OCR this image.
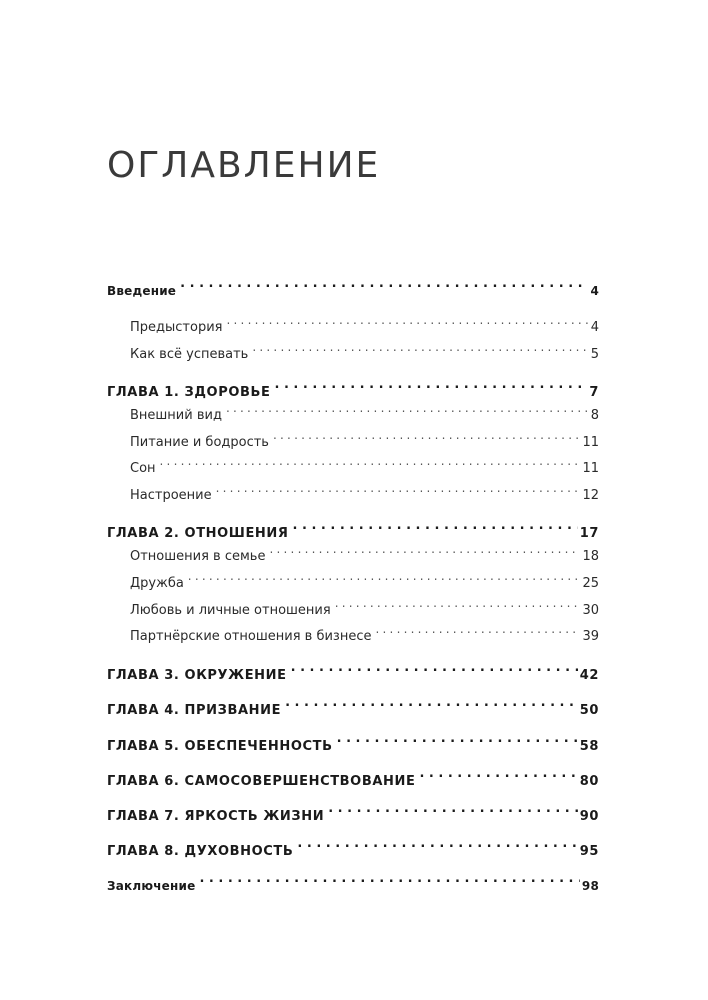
ОГЛАВЛЕНИЕ
Введение . . .	4
Предыстория . . .	4
Как всё успевать . . .	5
ГЛАВА 1. ЗДОРОВЬЕ . . .	7
Внешний вид . . .	8
Питание и бодрость . . .	11
Сон . . .	11
Настроение . . .	12
ГЛАВА 2. ОТНОШЕНИЯ . . .	17
Отношения в семье . . .	18
Дружба . . .	25
Любовь и личные отношения . . .	30
Партнёрские отношения в бизнесе . . .	39
ГЛАВА 3. ОКРУЖЕНИЕ . . .	42
ГЛАВА 4. ПРИЗВАНИЕ . . .	50
ГЛАВА 5. ОБЕСПЕЧЕННОСТЬ . . .	58
ГЛАВА 6. САМОСОВЕРШЕНСТВОВАНИЕ . . .	80
ГЛАВА 7. ЯРКОСТЬ ЖИЗНИ . . .	90
ГЛАВА 8. ДУХОВНОСТЬ . . .	95
Заключение . . .	98
